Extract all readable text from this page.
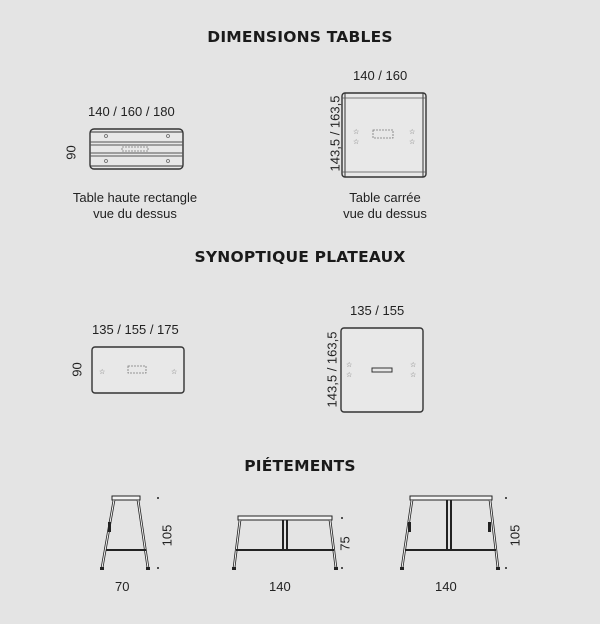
DIMENSIONS TABLES
SYNOPTIQUE PLATEAUX
PIÉTEMENTS
140 / 160 / 180
90
Table haute rectangle
vue du dessus
140 / 160
143,5 / 163,5 ☆
☆
☆
☆
Table carrée
vue du dessus
135 / 155 / 175
90 ☆	☆
135 / 155
143,5 / 163,5 ☆
☆
☆
☆
105
70
75
140
105
140
